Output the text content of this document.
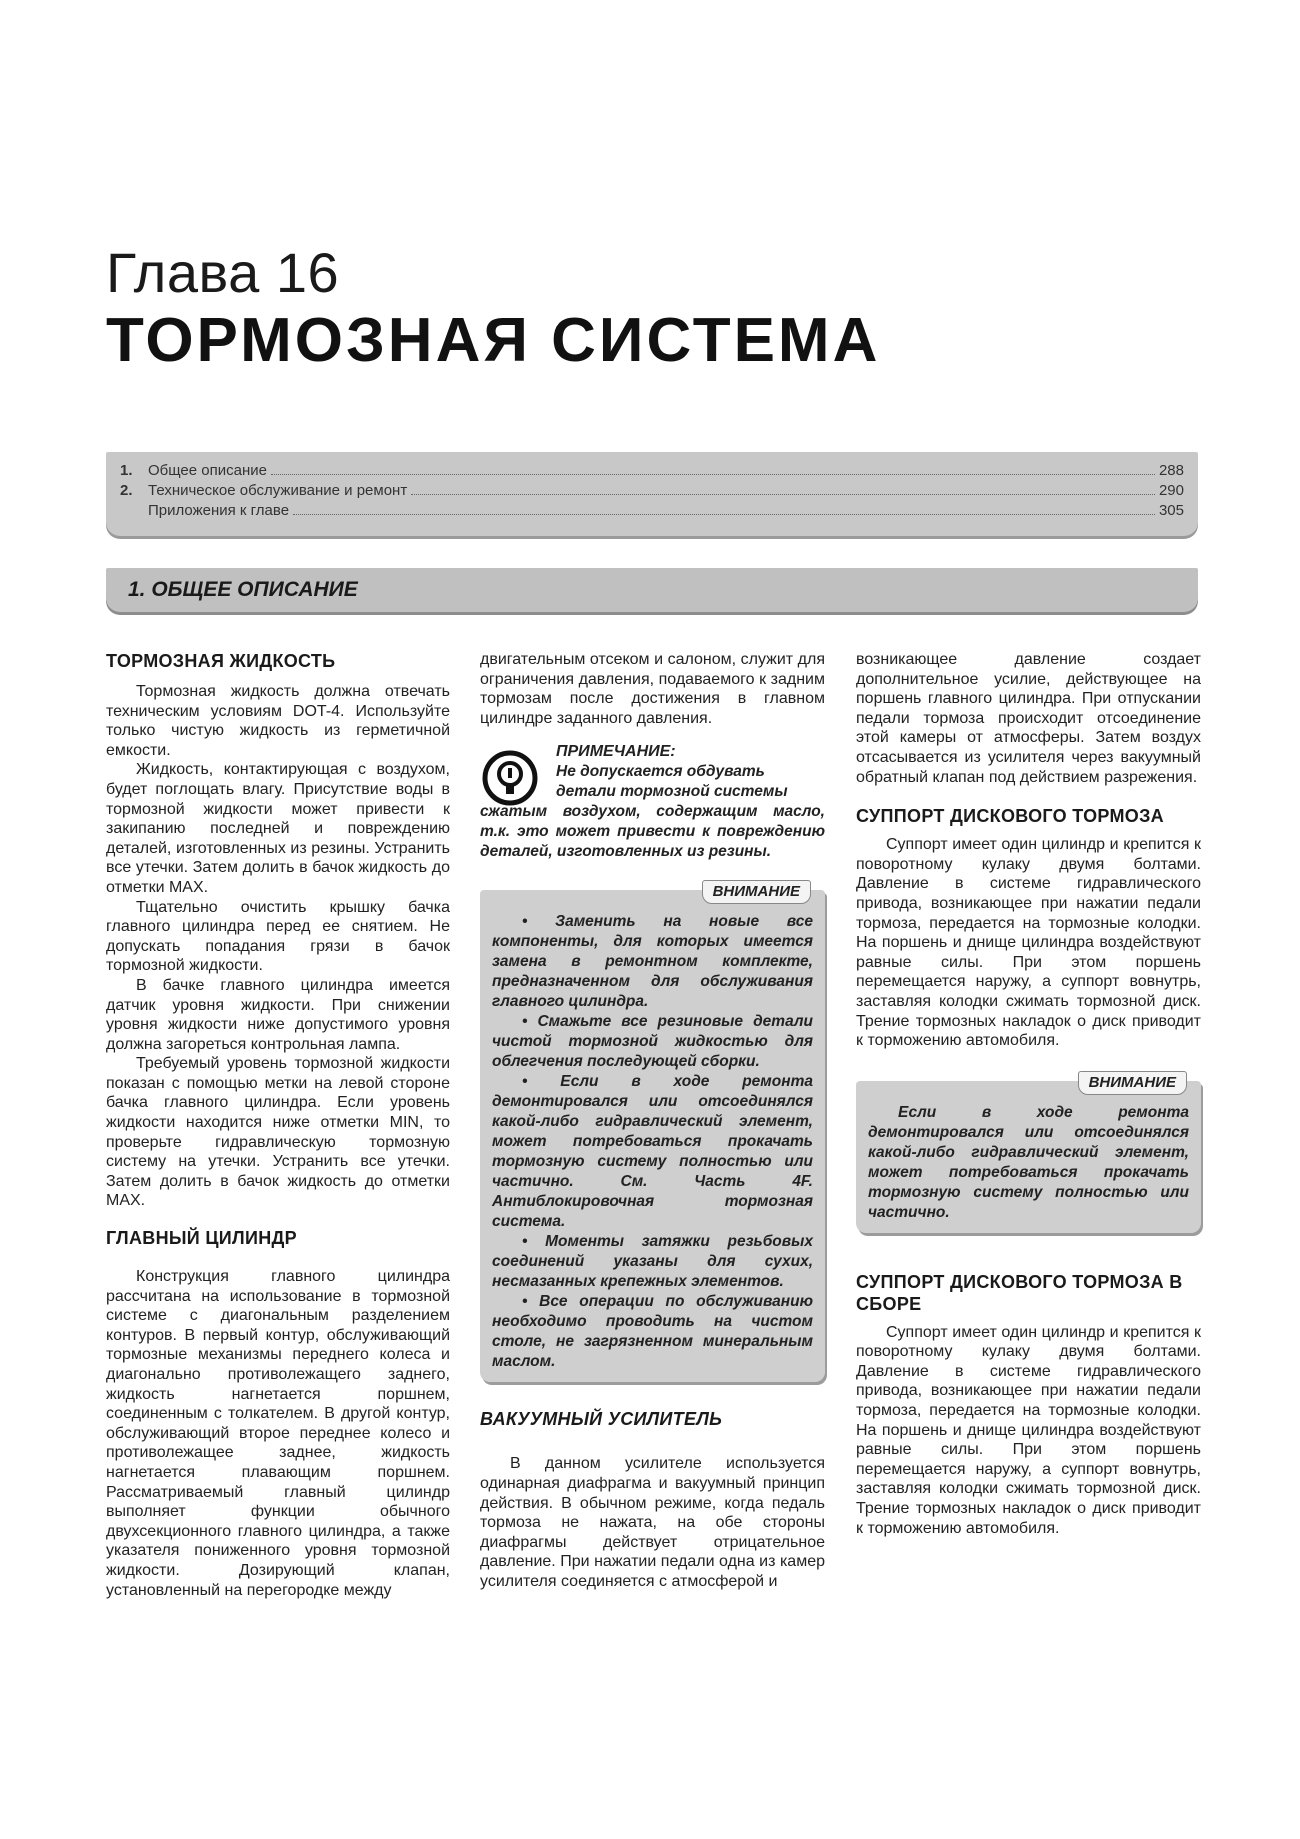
Глава 16
ТОРМОЗНАЯ СИСТЕМА
1.	Общее описание	288
2.	Техническое обслуживание и ремонт	290
Приложения к главе	305
1. ОБЩЕЕ ОПИСАНИЕ
ТОРМОЗНАЯ ЖИДКОСТЬ

Тормозная жидкость должна отвечать техническим условиям DOT-4. Используйте только чистую жидкость из герметичной емкости.

Жидкость, контактирующая с воздухом, будет поглощать влагу. Присутствие воды в тормозной жидкости может привести к закипанию последней и повреждению деталей, изготовленных из резины. Устранить все утечки. Затем долить в бачок жидкость до отметки MAX.

Тщательно очистить крышку бачка главного цилиндра перед ее снятием. Не допускать попадания грязи в бачок тормозной жидкости.

В бачке главного цилиндра имеется датчик уровня жидкости. При снижении уровня жидкости ниже допустимого уровня должна загореться контрольная лампа.

Требуемый уровень тормозной жидкости показан с помощью метки на левой стороне бачка главного цилиндра. Если уровень жидкости находится ниже отметки MIN, то проверьте гидравлическую тормозную систему на утечки. Устранить все утечки. Затем долить в бачок жидкость до отметки MAX.

ГЛАВНЫЙ ЦИЛИНДР

Конструкция главного цилиндра рассчитана на использование в тормозной системе с диагональным разделением контуров. В первый контур, обслуживающий тормозные механизмы переднего колеса и диагонально противолежащего заднего, жидкость нагнетается поршнем, соединенным с толкателем. В другой контур, обслуживающий второе переднее колесо и противолежащее заднее, жидкость нагнетается плавающим поршнем. Рассматриваемый главный цилиндр выполняет функции обычного двухсекционного главного цилиндра, а также указателя пониженного уровня тормозной жидкости. Дозирующий клапан, установленный на перегородке между

двигательным отсеком и салоном, служит для ограничения давления, подаваемого к задним тормозам после достижения в главном цилиндре заданного давления.

ПРИМЕЧАНИЕ:
Не допускается обдувать
детали тормозной системы
сжатым воздухом, содержащим масло, т.к. это может привести к повреждению деталей, изготовленных из резины.
ВНИМАНИЕ

• Заменить на новые все компоненты, для которых имеется замена в ремонтном комплекте, предназначенном для обслуживания главного цилиндра.

• Смажьте все резиновые детали чистой тормозной жидкостью для облегчения последующей сборки.

• Если в ходе ремонта демонтировался или отсоединялся какой-либо гидравлический элемент, может потребоваться прокачать тормозную систему полностью или частично. См. Часть 4F. Антиблокировочная тормозная система.

• Моменты затяжки резьбовых соединений указаны для сухих, несмазанных крепежных элементов.

• Все операции по обслуживанию необходимо проводить на чистом столе, не загрязненном минеральным маслом.

ВАКУУМНЫЙ УСИЛИТЕЛЬ

В данном усилителе используется одинарная диафрагма и вакуумный принцип действия. В обычном режиме, когда педаль тормоза не нажата, на обе стороны диафрагмы действует отрицательное давление. При нажатии педали одна из камер усилителя соединяется с атмосферой и

возникающее давление создает дополнительное усилие, действующее на поршень главного цилиндра. При отпускании педали тормоза происходит отсоединение этой камеры от атмосферы. Затем воздух отсасывается из усилителя через вакуумный обратный клапан под действием разрежения.

СУППОРТ ДИСКОВОГО ТОРМОЗА

Суппорт имеет один цилиндр и крепится к поворотному кулаку двумя болтами. Давление в системе гидравлического привода, возникающее при нажатии педали тормоза, передается на тормозные колодки. На поршень и днище цилиндра воздействуют равные силы. При этом поршень перемещается наружу, а суппорт вовнутрь, заставляя колодки сжимать тормозной диск. Трение тормозных накладок о диск приводит к торможению автомобиля.

ВНИМАНИЕ

Если в ходе ремонта демонтировался или отсоединялся какой-либо гидравлический элемент, может потребоваться прокачать тормозную систему полностью или частично.

СУППОРТ ДИСКОВОГО ТОРМОЗА В СБОРЕ

Суппорт имеет один цилиндр и крепится к поворотному кулаку двумя болтами. Давление в системе гидравлического привода, возникающее при нажатии педали тормоза, передается на тормозные колодки. На поршень и днище цилиндра воздействуют равные силы. При этом поршень перемещается наружу, а суппорт вовнутрь, заставляя колодки сжимать тормозной диск. Трение тормозных накладок о диск приводит к торможению автомобиля.
